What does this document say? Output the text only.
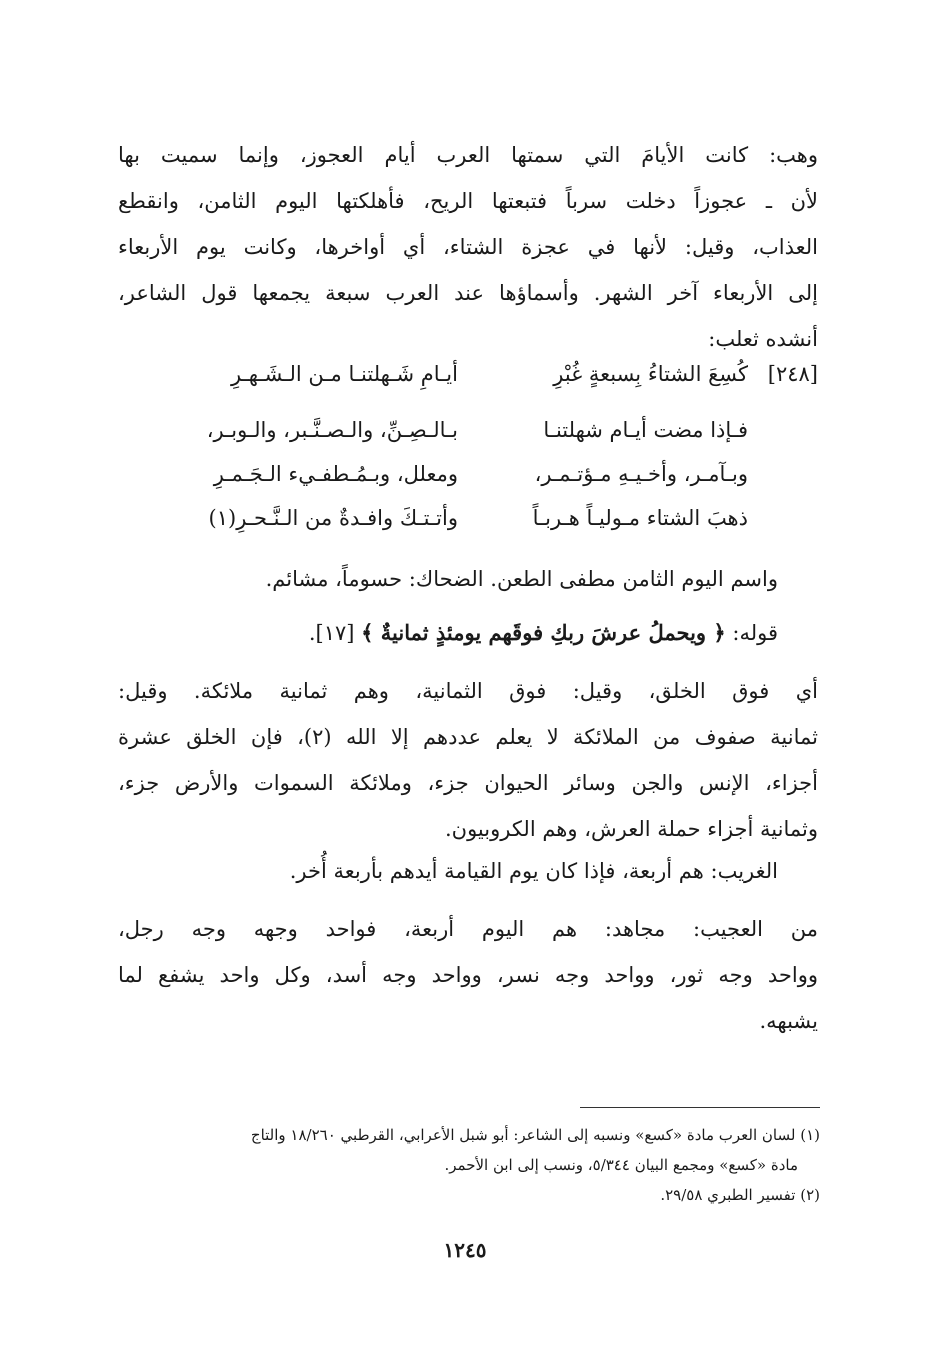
وهب: كانت الأيامَ التي سمتها العرب أيام العجوز، وإنما سميت بها
لأن ـ عجوزاً دخلت سرباً فتبعتها الريح، فأهلكتها اليوم الثامن، وانقطع
العذاب، وقيل: لأنها في عجزة الشتاء، أي أواخرها، وكانت يوم الأربعاء
إلى الأربعاء آخر الشهر. وأسماؤها عند العرب سبعة يجمعها قول الشاعر،
أنشده ثعلب:
[٢٤٨]
كُسِعَ الشتاءُ بِسبعةٍ غُبْرِ
أيـامِ شَـهلتنـا مـن الـشَـهـرِ
فـإذا مضت أيـام شهلتنـا
بـالـصِـنِّ، والـصـنَّـبر، والـوبـر،
وبـآمـر، وأخـيـهِ مـؤتـمـر،
ومعلل، وبـمُـطفـيء الـجَـمـرِ
ذهبَ الشتاء مـوليـاً هـربـاً
وأتـتـكَ وافـدةٌ من الـنَّـحـرِ(١)
واسم اليوم الثامن مطفى الطعن. الضحاك: حسوماً، مشائم.
قوله: ﴿ ويحملُ عرشَ ربكِ فوقَهم يومئذٍ ثمانيةٌ ﴾ [١٧].
أي فوق الخلق، وقيل: فوق الثمانية، وهم ثمانية ملائكة. وقيل:
ثمانية صفوف من الملائكة لا يعلم عددهم إلا الله (٢)، فإن الخلق عشرة
أجزاء، الإنس والجن وسائر الحيوان جزء، وملائكة السموات والأرض جزء،
وثمانية أجزاء حملة العرش، وهم الكروبيون.
الغريب: هم أربعة، فإذا كان يوم القيامة أيدهم بأربعة أُخر.
من العجيب: مجاهد: هم اليوم أربعة، فواحد وجهه وجه رجل،
وواحد وجه ثور، وواحد وجه نسر، وواحد وجه أسد، وكل واحد يشفع لما
يشبهه.
(١) لسان العرب مادة «كسع» ونسبه إلى الشاعر: أبو شبل الأعرابي، القرطبي ١٨/٢٦٠ والتاج
مادة «كسع» ومجمع البيان ٥/٣٤٤، ونسب إلى ابن الأحمر.
(٢) تفسير الطبري ٢٩/٥٨.
١٢٤٥
